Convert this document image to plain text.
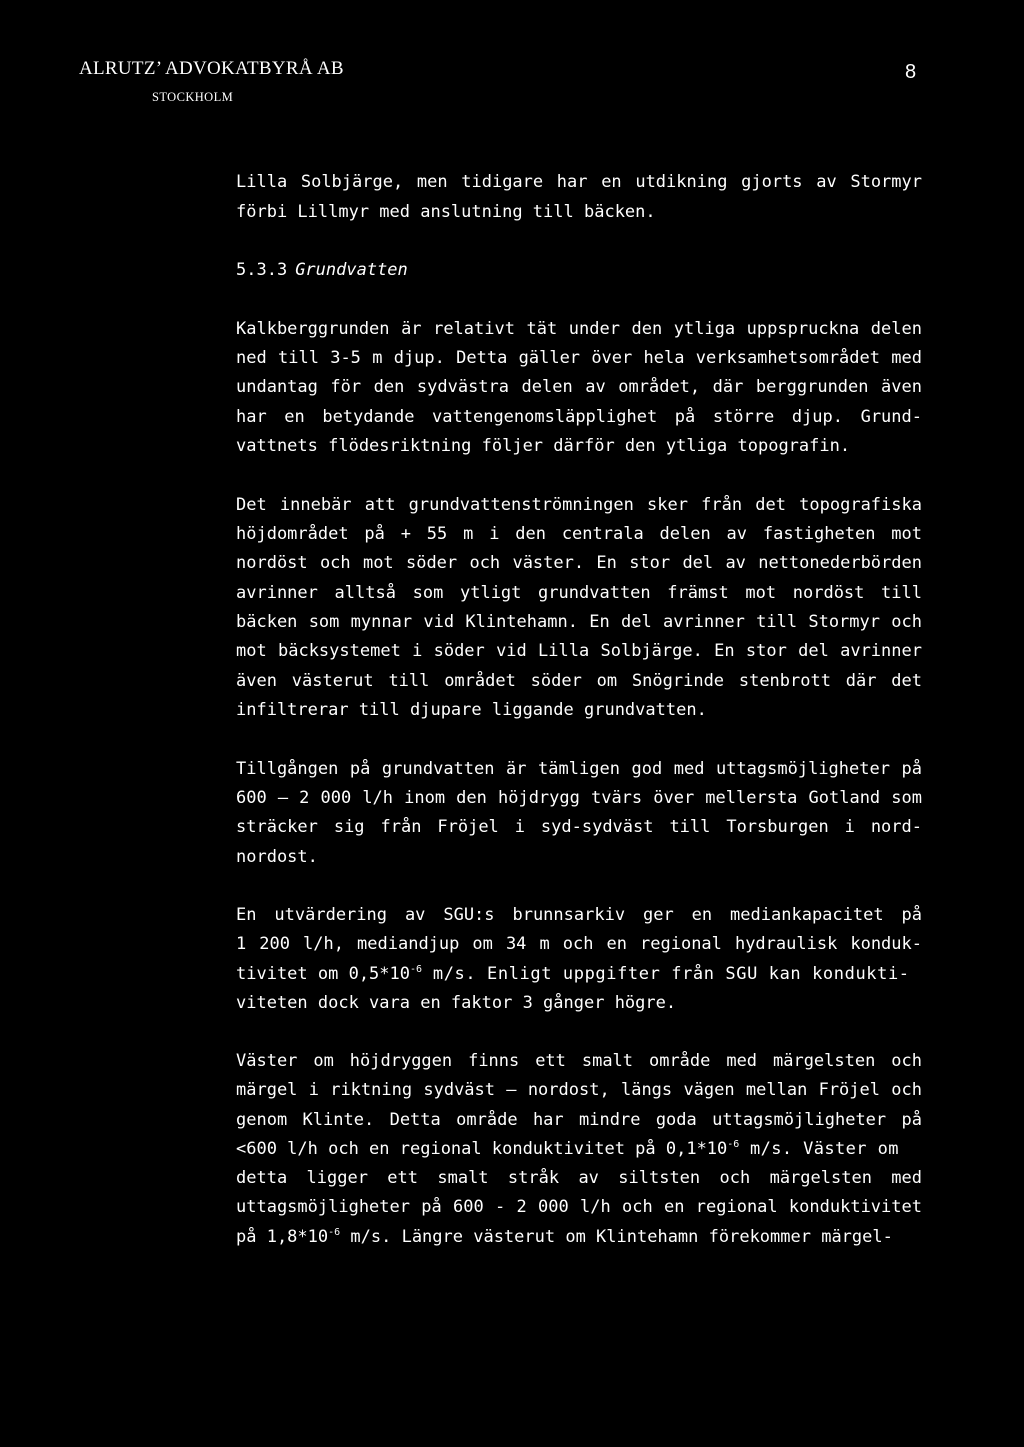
ALRUTZ’ ADVOKATBYRÅ AB
STOCKHOLM
8
Lilla Solbjärge, men tidigare har en utdikning gjorts av Stormyr
förbi Lillmyr med anslutning till bäcken.
5.3.3 Grundvatten
Kalkberggrunden är relativt tät under den ytliga uppspruckna delen
ned till 3-5 m djup. Detta gäller över hela verksamhetsområdet med
undantag för den sydvästra delen av området, där berggrunden även
har en betydande vattengenomsläpplighet på större djup. Grund-
vattnets flödesriktning följer därför den ytliga topografin.
Det innebär att grundvattenströmningen sker från det topografiska
höjdområdet på + 55 m i den centrala delen av fastigheten mot
nordöst och mot söder och väster. En stor del av nettonederbörden
avrinner alltså som ytligt grundvatten främst mot nordöst till
bäcken som mynnar vid Klintehamn. En del avrinner till Stormyr och
mot bäcksystemet i söder vid Lilla Solbjärge. En stor del avrinner
även västerut till området söder om Snögrinde stenbrott där det
infiltrerar till djupare liggande grundvatten.
Tillgången på grundvatten är tämligen god med uttagsmöjligheter på
600 – 2 000 l/h inom den höjdrygg tvärs över mellersta Gotland som
sträcker sig från Fröjel i syd-sydväst till Torsburgen i nord-
nordost.
En utvärdering av SGU:s brunnsarkiv ger en mediankapacitet på
1 200 l/h, mediandjup om 34 m och en regional hydraulisk konduk-
tivitet om $0,5*10^{-6}$ m/s. Enligt uppgifter från SGU kan kondukti-
viteten dock vara en faktor 3 gånger högre.
Väster om höjdryggen finns ett smalt område med märgelsten och
märgel i riktning sydväst – nordost, längs vägen mellan Fröjel och
genom Klinte. Detta område har mindre goda uttagsmöjligheter på
<600 l/h och en regional konduktivitet på $0,1*10^{-6}$ m/s. Väster om
detta ligger ett smalt stråk av siltsten och märgelsten med
uttagsmöjligheter på 600 - 2 000 l/h och en regional konduktivitet
på $1,8*10^{-6}$ m/s. Längre västerut om Klintehamn förekommer märgel-
